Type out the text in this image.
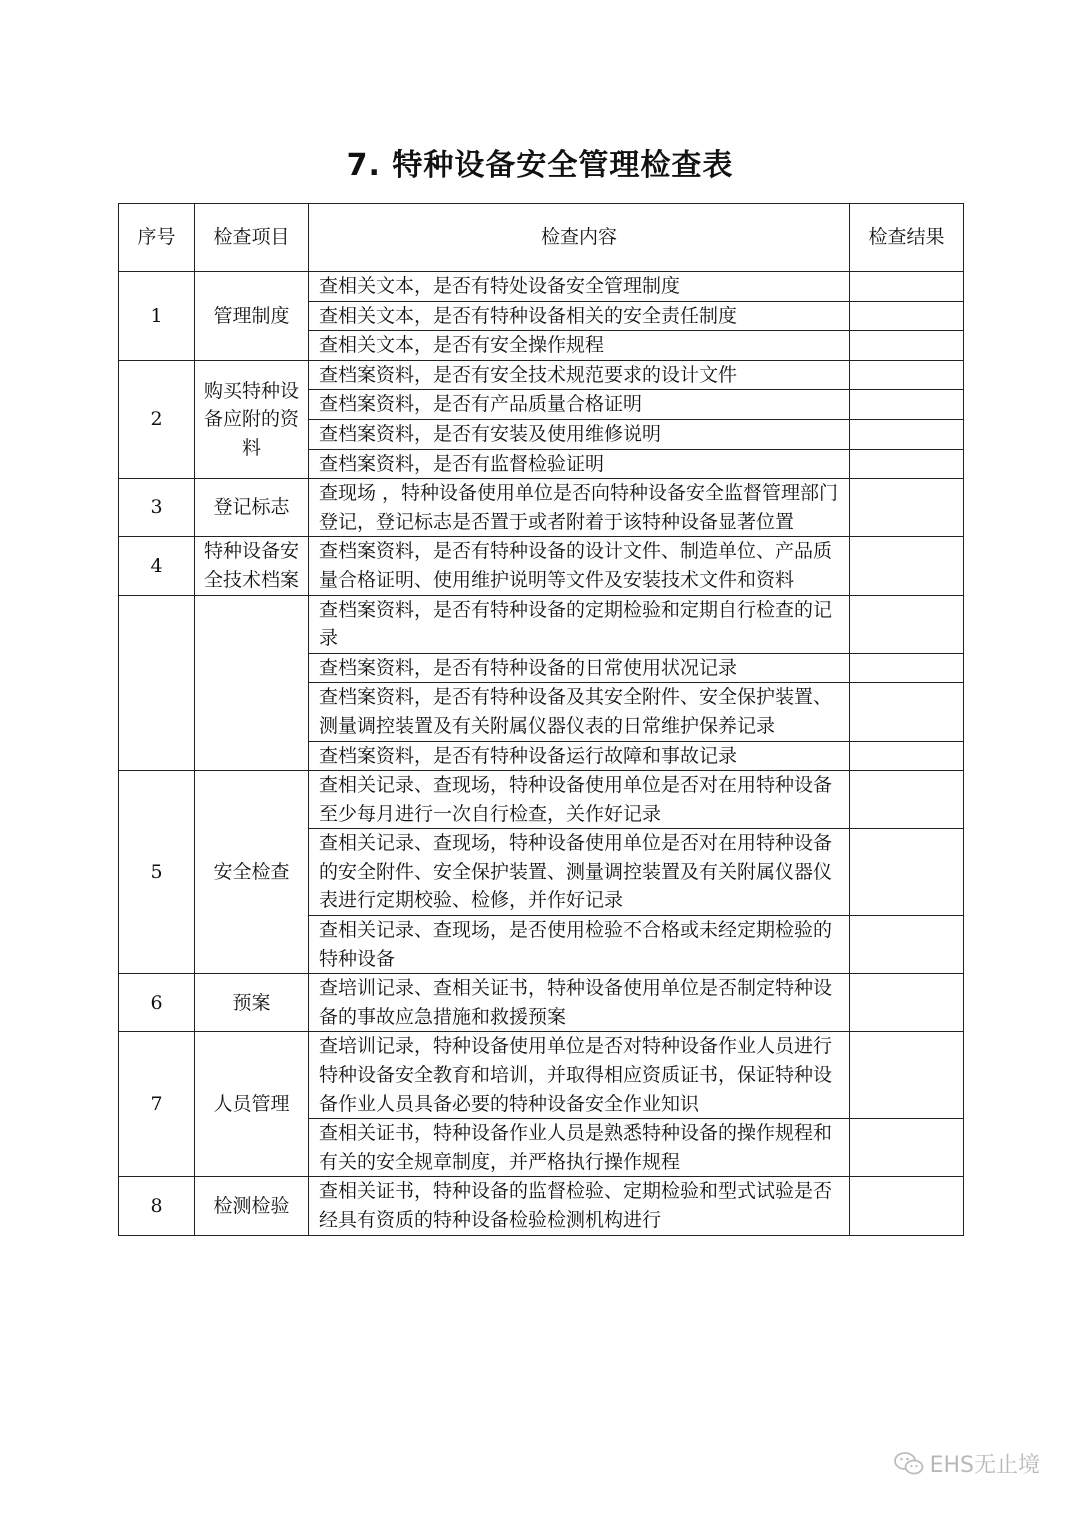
7. 特种设备安全管理检查表
序号	检查项目	检查内容	检查结果
1	管理制度	查相关文本，是否有特处设备安全管理制度	
		查相关文本，是否有特种设备相关的安全责任制度	
		查相关文本，是否有安全操作规程	
2	购买特种设备应附的资料	查档案资料，是否有安全技术规范要求的设计文件	
		查档案资料，是否有产品质量合格证明	
		查档案资料，是否有安装及使用维修说明	
		查档案资料，是否有监督检验证明	
3	登记标志	查现场 ，特种设备使用单位是否向特种设备安全监督管理部门登记，登记标志是否置于或者附着于该特种设备显著位置	
4	特种设备安全技术档案	查档案资料，是否有特种设备的设计文件、制造单位、产品质量合格证明、使用维护说明等文件及安装技术文件和资料	
		查档案资料，是否有特种设备的定期检验和定期自行检查的记录	
		查档案资料，是否有特种设备的日常使用状况记录	
		查档案资料，是否有特种设备及其安全附件、安全保护装置、测量调控装置及有关附属仪器仪表的日常维护保养记录	
		查档案资料，是否有特种设备运行故障和事故记录	
5	安全检查	查相关记录、查现场，特种设备使用单位是否对在用特种设备至少每月进行一次自行检查，关作好记录	
		查相关记录、查现场，特种设备使用单位是否对在用特种设备的安全附件、安全保护装置、测量调控装置及有关附属仪器仪表进行定期校验、检修，并作好记录	
		查相关记录、查现场，是否使用检验不合格或未经定期检验的特种设备	
6	预案	查培训记录、查相关证书，特种设备使用单位是否制定特种设备的事故应急措施和救援预案	
7	人员管理	查培训记录，特种设备使用单位是否对特种设备作业人员进行特种设备安全教育和培训，并取得相应资质证书，保证特种设备作业人员具备必要的特种设备安全作业知识	
		查相关证书，特种设备作业人员是熟悉特种设备的操作规程和有关的安全规章制度，并严格执行操作规程	
8	检测检验	查相关证书，特种设备的监督检验、定期检验和型式试验是否经具有资质的特种设备检验检测机构进行	
EHS无止境
